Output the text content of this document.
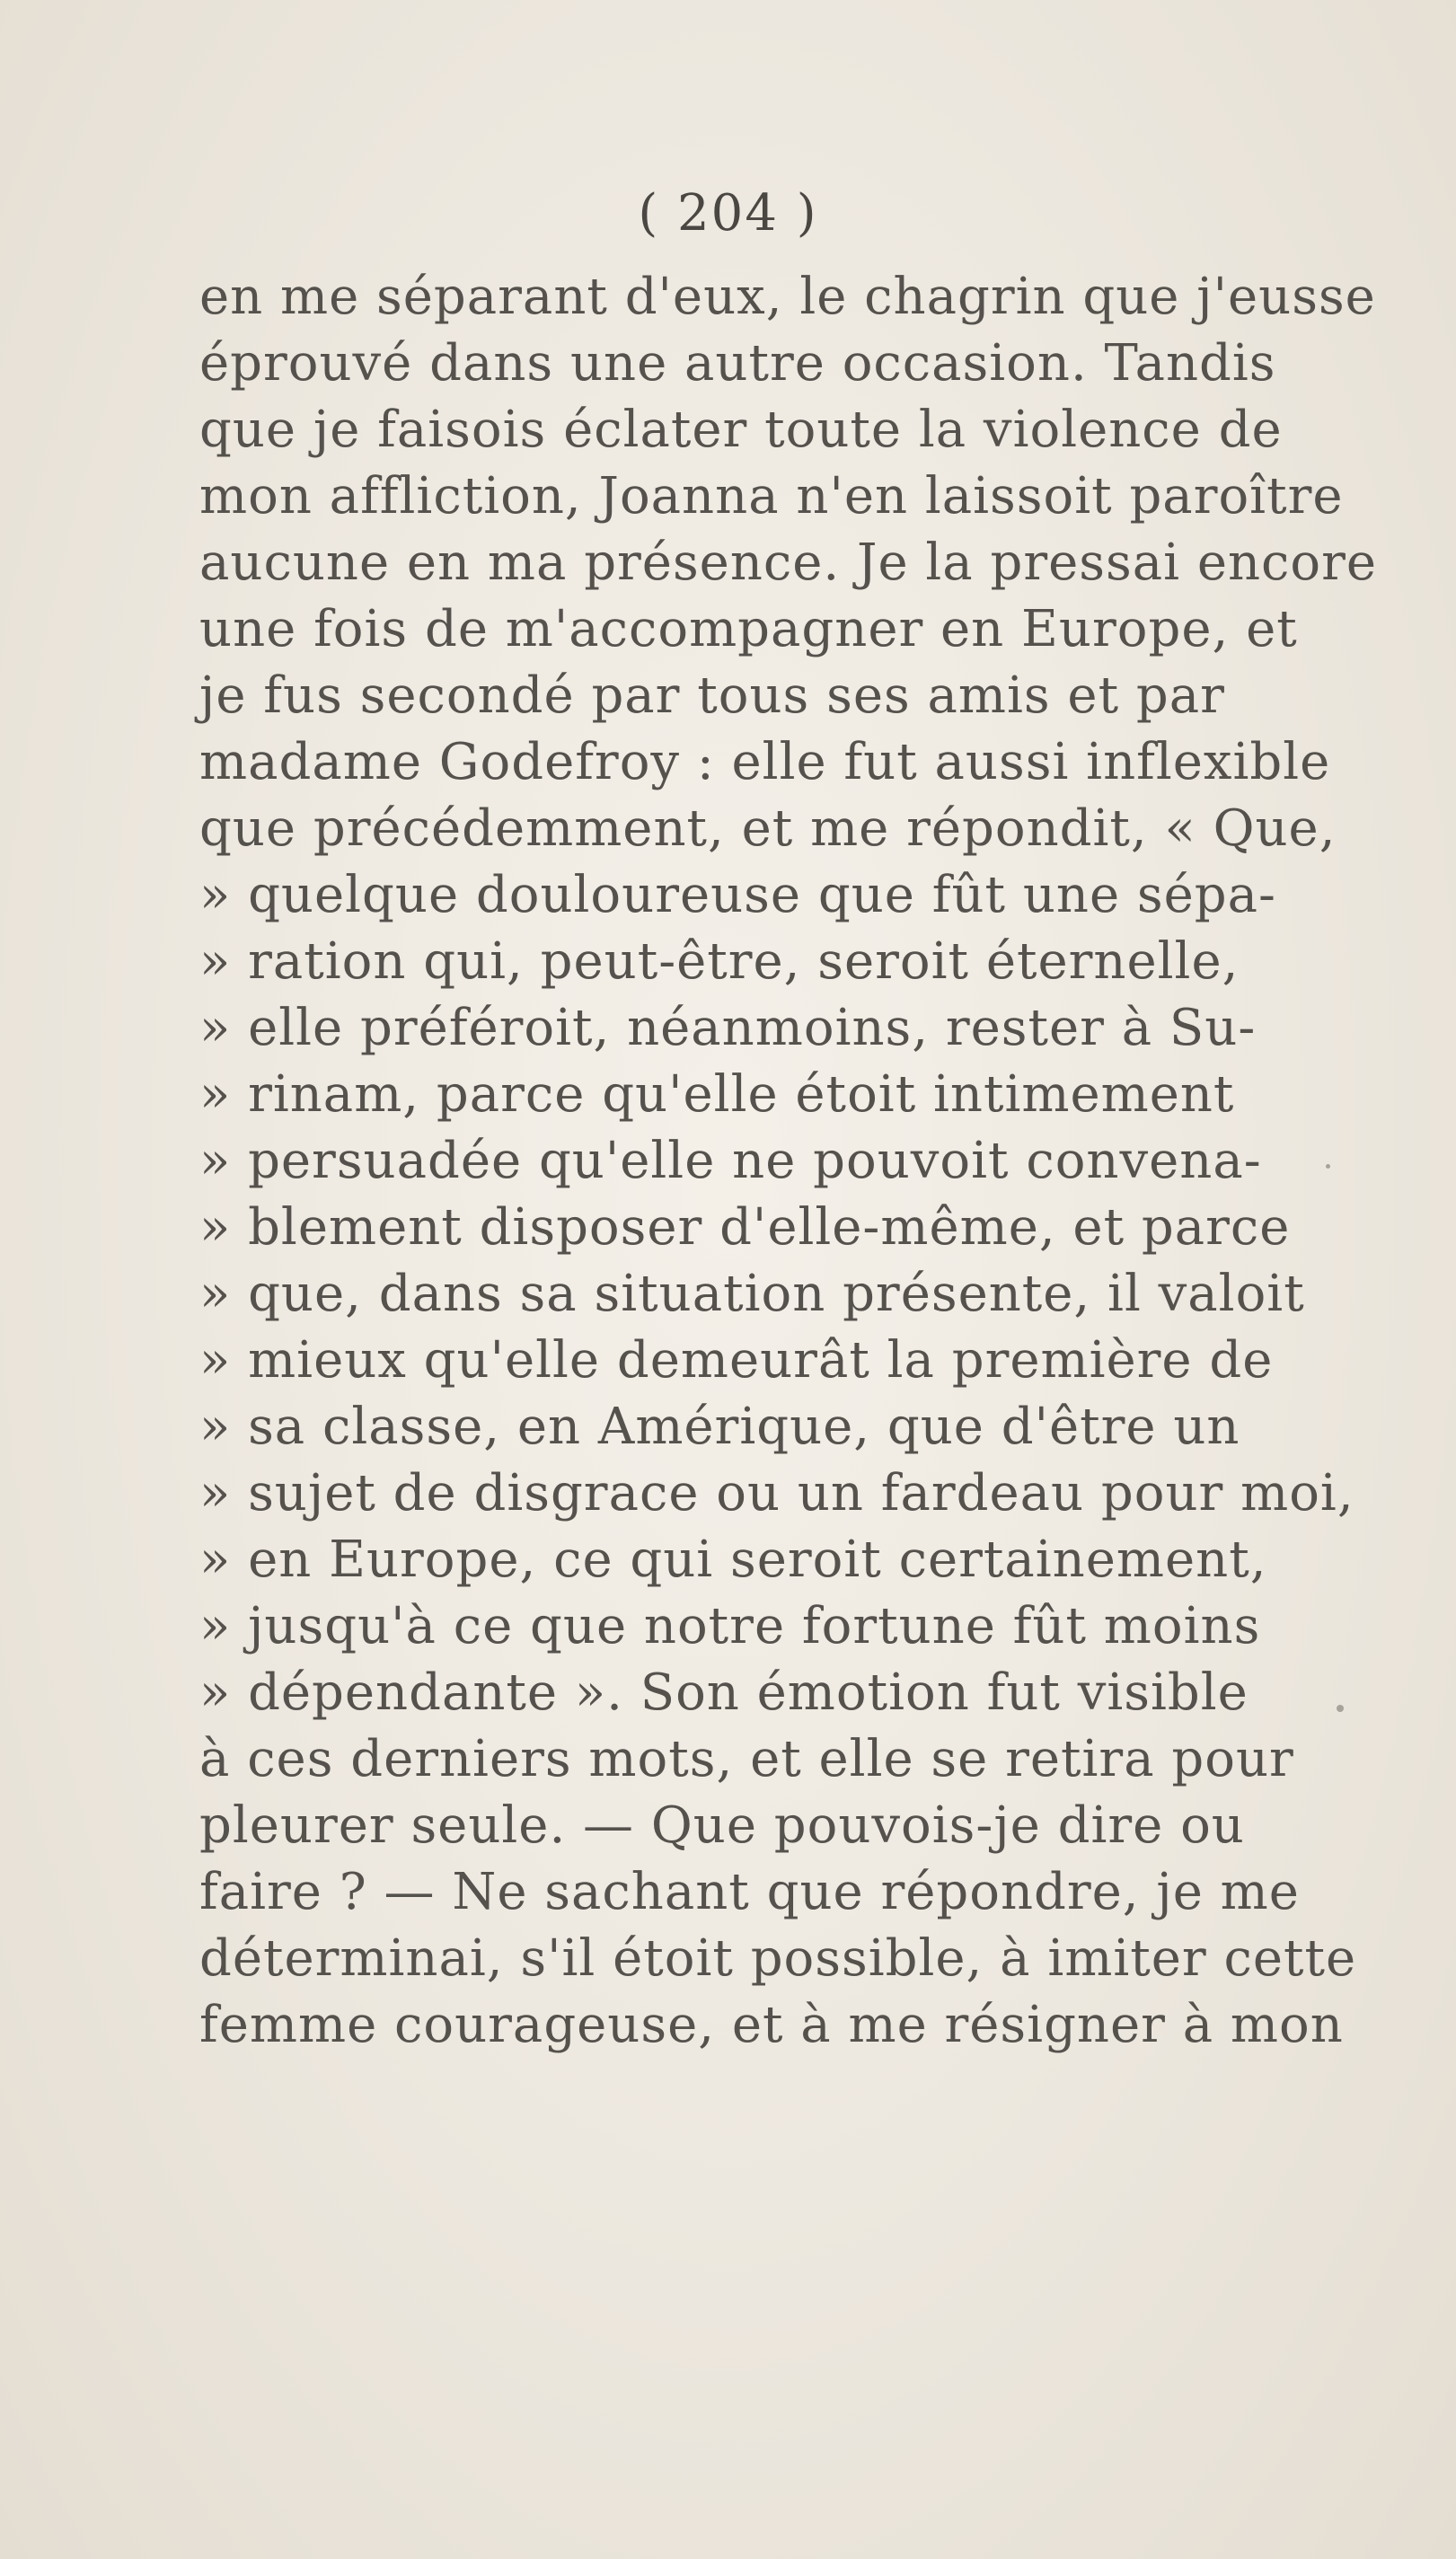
( 204 )
en me séparant d'eux, le chagrin que j'eusse
éprouvé dans une autre occasion. Tandis
que je faisois éclater toute la violence de
mon affliction, Joanna n'en laissoit paroître
aucune en ma présence. Je la pressai encore
une fois de m'accompagner en Europe, et
je fus secondé par tous ses amis et par
madame Godefroy : elle fut aussi inflexible
que précédemment, et me répondit, « Que,
» quelque douloureuse que fût une sépa-
» ration qui, peut-être, seroit éternelle,
» elle préféroit, néanmoins, rester à Su-
» rinam, parce qu'elle étoit intimement
» persuadée qu'elle ne pouvoit convena-
» blement disposer d'elle-même, et parce
» que, dans sa situation présente, il valoit
» mieux qu'elle demeurât la première de
» sa classe, en Amérique, que d'être un
» sujet de disgrace ou un fardeau pour moi,
» en Europe, ce qui seroit certainement,
» jusqu'à ce que notre fortune fût moins
» dépendante ». Son émotion fut visible
à ces derniers mots, et elle se retira pour
pleurer seule. — Que pouvois-je dire ou
faire ? — Ne sachant que répondre, je me
déterminai, s'il étoit possible, à imiter cette
femme courageuse, et à me résigner à mon
